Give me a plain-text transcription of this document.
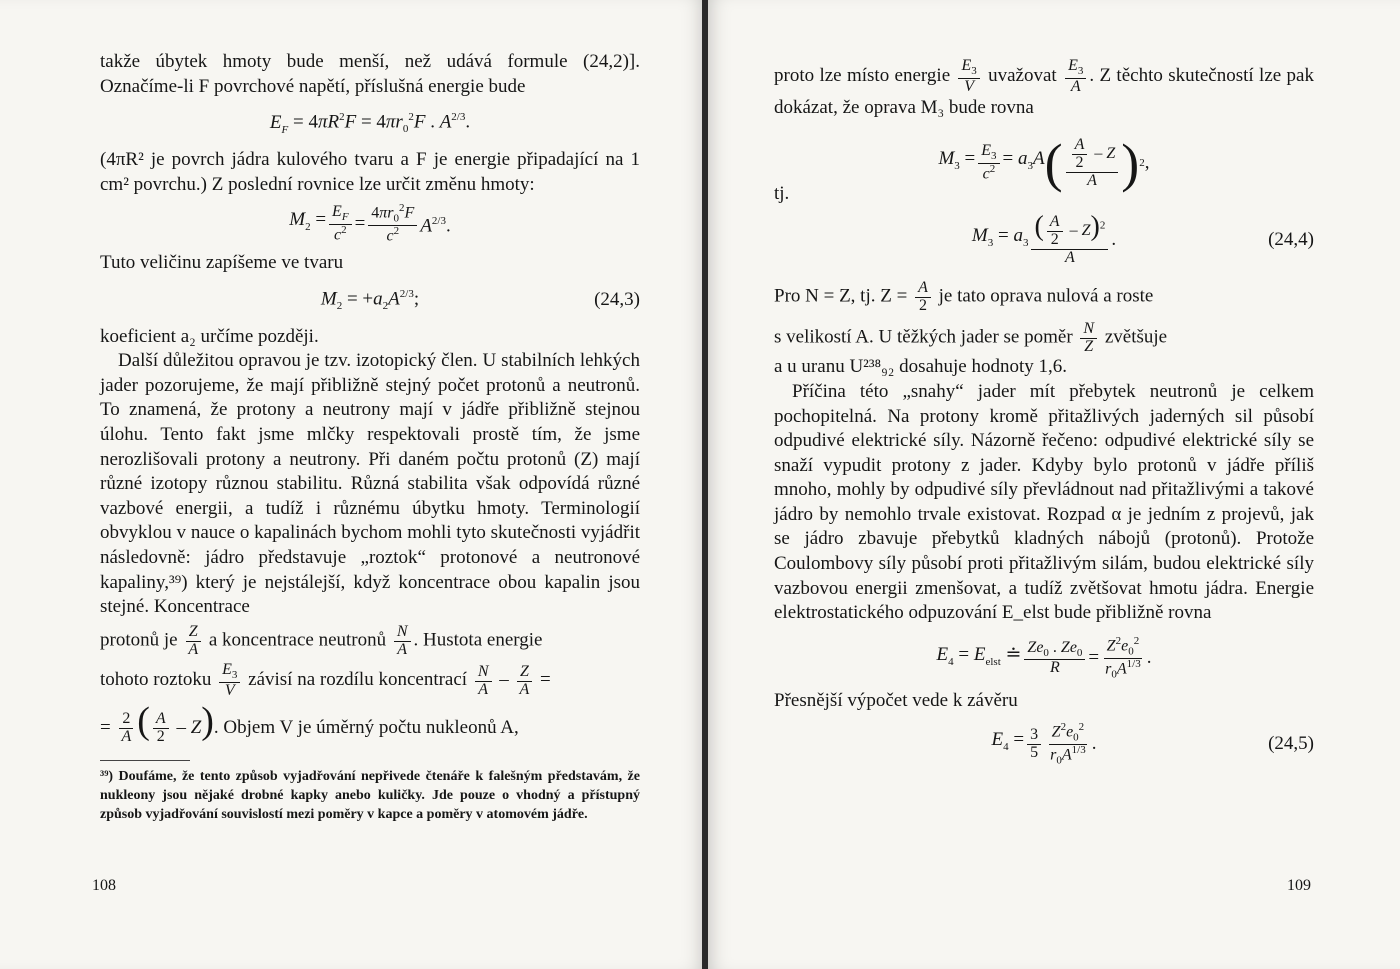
takže úbytek hmoty bude menší, než udává formule (24,2)]. Označíme-li F povrchové napětí, příslušná energie bude

$E_F = 4\pi R^2F = 4\pi r_0^2F$ . $A^{2/3}$.

(4πR² je povrch jádra kulového tvaru a F je energie připadající na 1 cm² povrchu.) Z poslední rovnice lze určit změnu hmoty:

$M_2 = \frac{E_F}{c^2} = \frac{4\pi r_0^2F}{c^2} A^{2/3}$.

Tuto veličinu zapíšeme ve tvaru

$M_2 = +a_2A^{2/3}$;	(24,3)

koeficient a₂ určíme později.

Další důležitou opravou je tzv. izotopický člen. U stabilních lehkých jader pozorujeme, že mají přibližně stejný počet protonů a neutronů. To znamená, že protony a neutrony mají v jádře přibližně stejnou úlohu. Tento fakt jsme mlčky respektovali prostě tím, že jsme nerozlišovali protony a neutrony. Při daném počtu protonů (Z) mají různé izotopy různou stabilitu. Různá stabilita však odpovídá různé vazbové energii, a tudíž i různému úbytku hmoty. Terminologií obvyklou v nauce o kapalinách bychom mohli tyto skutečnosti vyjádřit následovně: jádro představuje „roztok“ protonové a neutronové kapaliny,³⁹) který je nejstálejší, když koncentrace obou kapalin jsou stejné. Koncentrace

protonů je $\frac{Z}{A}$ a koncentrace neutronů $\frac{N}{A}$ . Hustota energie

tohoto roztoku $\frac{E_3}{V}$ závisí na rozdílu koncentrací $\frac{N}{A} - \frac{Z}{A}$ =

= $\frac{2}{A}$ ( $\frac{A}{2} - Z$). Objem V je úměrný počtu nukleonů A,

³⁹) Doufáme, že tento způsob vyjadřování nepřivede čtenáře k falešným představám, že nukleony jsou nějaké drobné kapky anebo kuličky. Jde pouze o vhodný a přístupný způsob vyjadřování souvislostí mezi poměry v kapce a poměry v atomovém jádře.

108

proto lze místo energie $\frac{E_3}{V}$ uvažovat $\frac{E_3}{A}$ . Z těchto skutečností lze pak dokázat, že oprava M₃ bude rovna

tj.
$M_3 = \frac{E_3}{c^2} = a_3A$ ( $\frac{\frac{A}{2} - Z}{A}$ ) 2 ,
$M_3 = a_3 \frac{( \frac{A}{2} - Z)^2}{A}$ .	(24,4)

Pro N = Z, tj. $Z = \frac{A}{2}$ je tato oprava nulová a roste

s velikostí A. U těžkých jader se poměr $\frac{N}{Z}$ zvětšuje

a u uranu U²³⁸₉₂ dosahuje hodnoty 1,6.

Příčina této „snahy“ jader mít přebytek neutronů je celkem pochopitelná. Na protony kromě přitažlivých jaderných sil působí odpudivé elektrické síly. Názorně řečeno: odpudivé elektrické síly se snaží vypudit protony z jader. Kdyby bylo protonů v jádře příliš mnoho, mohly by odpudivé síly převládnout nad přitažlivými a takové jádro by nemohlo trvale existovat. Rozpad α je jedním z projevů, jak se jádro zbavuje přebytků kladných nábojů (protonů). Protože Coulombovy síly působí proti přitažlivým silám, budou elektrické síly vazbovou energii zmenšovat, a tudíž zvětšovat hmotu jádra. Energie elektrostatického odpuzování E_elst bude přibližně rovna

$E_4 = E_{elst}$ ≐ $\frac{Ze_0 . Ze_0}{R} = \frac{Z^2e_0^2}{r_0A^{1/3}}$ .

Přesnější výpočet vede k závěru

$E_4 = \frac{3}{5} \frac{Z^2e_0^2}{r_0A^{1/3}}$ .	(24,5)
109
